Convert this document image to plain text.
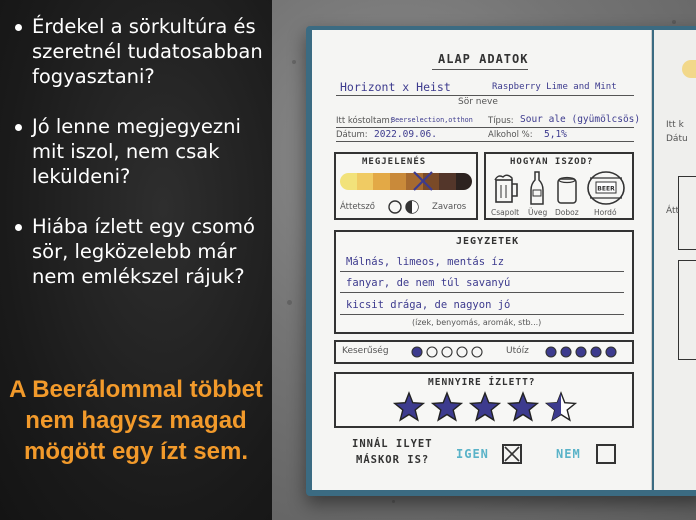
Érdekel a sörkultúra és szeretnél tudatosabban fogyasztani?
Jó lenne megjegyezni mit iszol, nem csak leküldeni?
Hiába ízlett egy csomó sör, legközelebb már nem emlékszel rájuk?
A Beerálommal többet nem hagysz magad mögött egy ízt sem.
Itt k
Dátu
Átt
ALAP ADATOK
Horizont x Heist	Raspberry Lime and Mint
Sör neve
Itt kóstoltam:
Beerselection,otthon Típus: Sour ale (gyümölcsös)
Dátum: 2022.09.06.	Alkohol %: 5,1%
MEGJELENÉS
Áttetsző	Zavaros
HOGYAN ISZOD?
BEER
Csapolt Üveg Doboz Hordó
JEGYZETEK
Málnás, limeos, mentás íz
fanyar, de nem túl savanyú
kicsit drága, de nagyon jó
(ízek, benyomás, aromák, stb...)
Keserűség	Utóíz
MENNYIRE ÍZLETT?
INNÁL ILYET
MÁSKOR IS? IGEN	NEM
